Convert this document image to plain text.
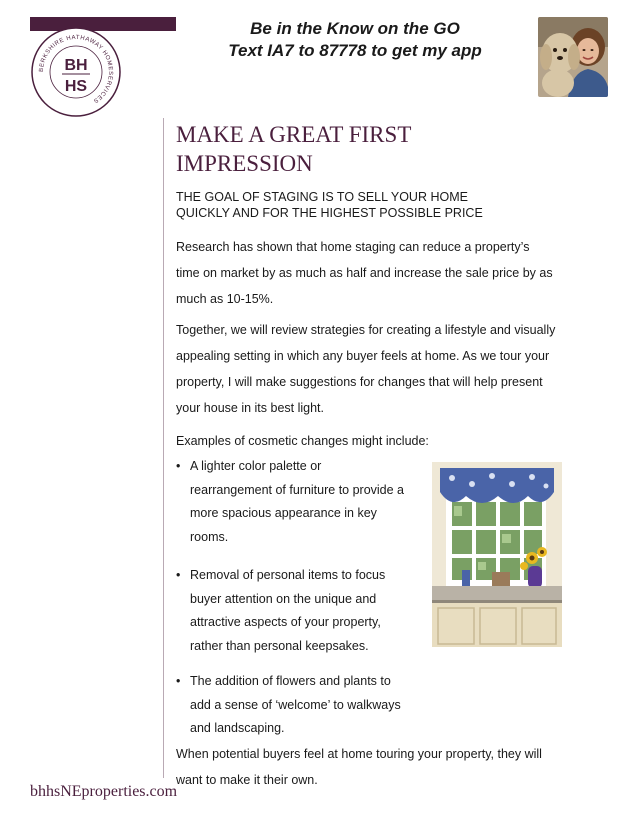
BERKSHIRE HATHAWAY HOMESERVICES
BH
HS
Be in the Know on the GO
Text IA7 to 87778 to get my app
MAKE A GREAT FIRST IMPRESSION

THE GOAL OF STAGING IS TO SELL YOUR HOME QUICKLY AND FOR THE HIGHEST POSSIBLE PRICE

Research has shown that home staging can reduce a property’s time on market by as much as half and increase the sale price by as much as 10-15%.

Together, we will review strategies for creating a lifestyle and visually appealing setting in which any buyer feels at home. As we tour your property, I will make suggestions for changes that will help present your house in its best light.

Examples of cosmetic changes might include:

• A lighter color palette or rearrangement of furniture to provide a more spacious appearance in key rooms.
• Removal of personal items to focus buyer attention on the unique and attractive aspects of your property, rather than personal keepsakes.
• The addition of flowers and plants to add a sense of ‘welcome’ to walkways and landscaping.

When potential buyers feel at home touring your property, they will want to make it their own.

bhhsNEproperties.com
